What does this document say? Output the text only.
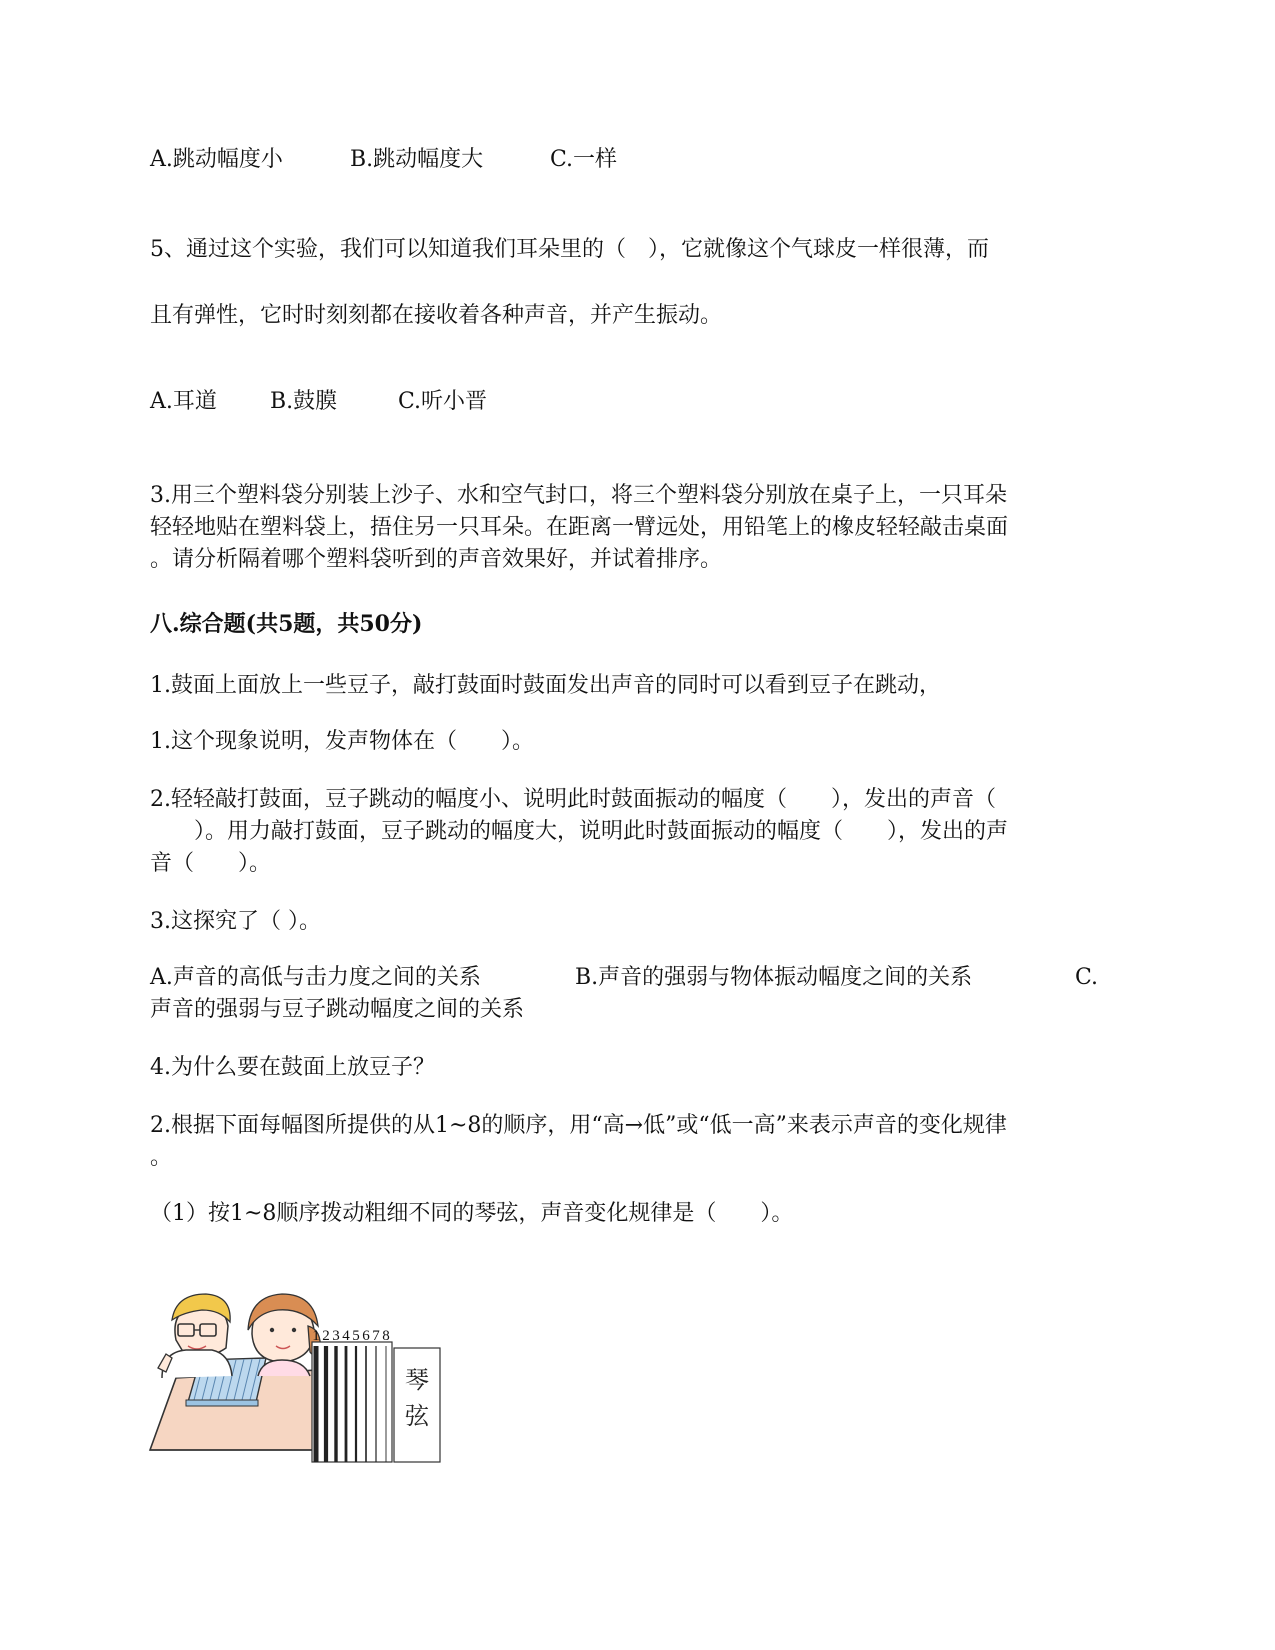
A.跳动幅度小	B.跳动幅度大	C.一样
5、通过这个实验，我们可以知道我们耳朵里的（　），它就像这个气球皮一样很薄，而
且有弹性，它时时刻刻都在接收着各种声音，并产生振动。
A.耳道 B.鼓膜	C.听小晋
3.用三个塑料袋分别装上沙子、水和空气封口，将三个塑料袋分别放在桌子上，一只耳朵
轻轻地贴在塑料袋上，捂住另一只耳朵。在距离一臂远处，用铅笔上的橡皮轻轻敲击桌面
。请分析隔着哪个塑料袋听到的声音效果好，并试着排序。
八.综合题(共5题，共50分)
1.鼓面上面放上一些豆子，敲打鼓面时鼓面发出声音的同时可以看到豆子在跳动，
1.这个现象说明，发声物体在（　　）。
2.轻轻敲打鼓面，豆子跳动的幅度小、说明此时鼓面振动的幅度（　　），发出的声音（
　　）。用力敲打鼓面，豆子跳动的幅度大，说明此时鼓面振动的幅度（　　），发出的声
音（　　）。
3.这探究了（ ）。
A.声音的高低与击力度之间的关系	B.声音的强弱与物体振动幅度之间的关系	C.
声音的强弱与豆子跳动幅度之间的关系
4.为什么要在鼓面上放豆子？
2.根据下面每幅图所提供的从1~8的顺序，用“高→低”或“低一高”来表示声音的变化规律
。
（1）按1~8顺序拨动粗细不同的琴弦，声音变化规律是（　　）。
1 2 3 4 5 6 7 8
琴
弦
